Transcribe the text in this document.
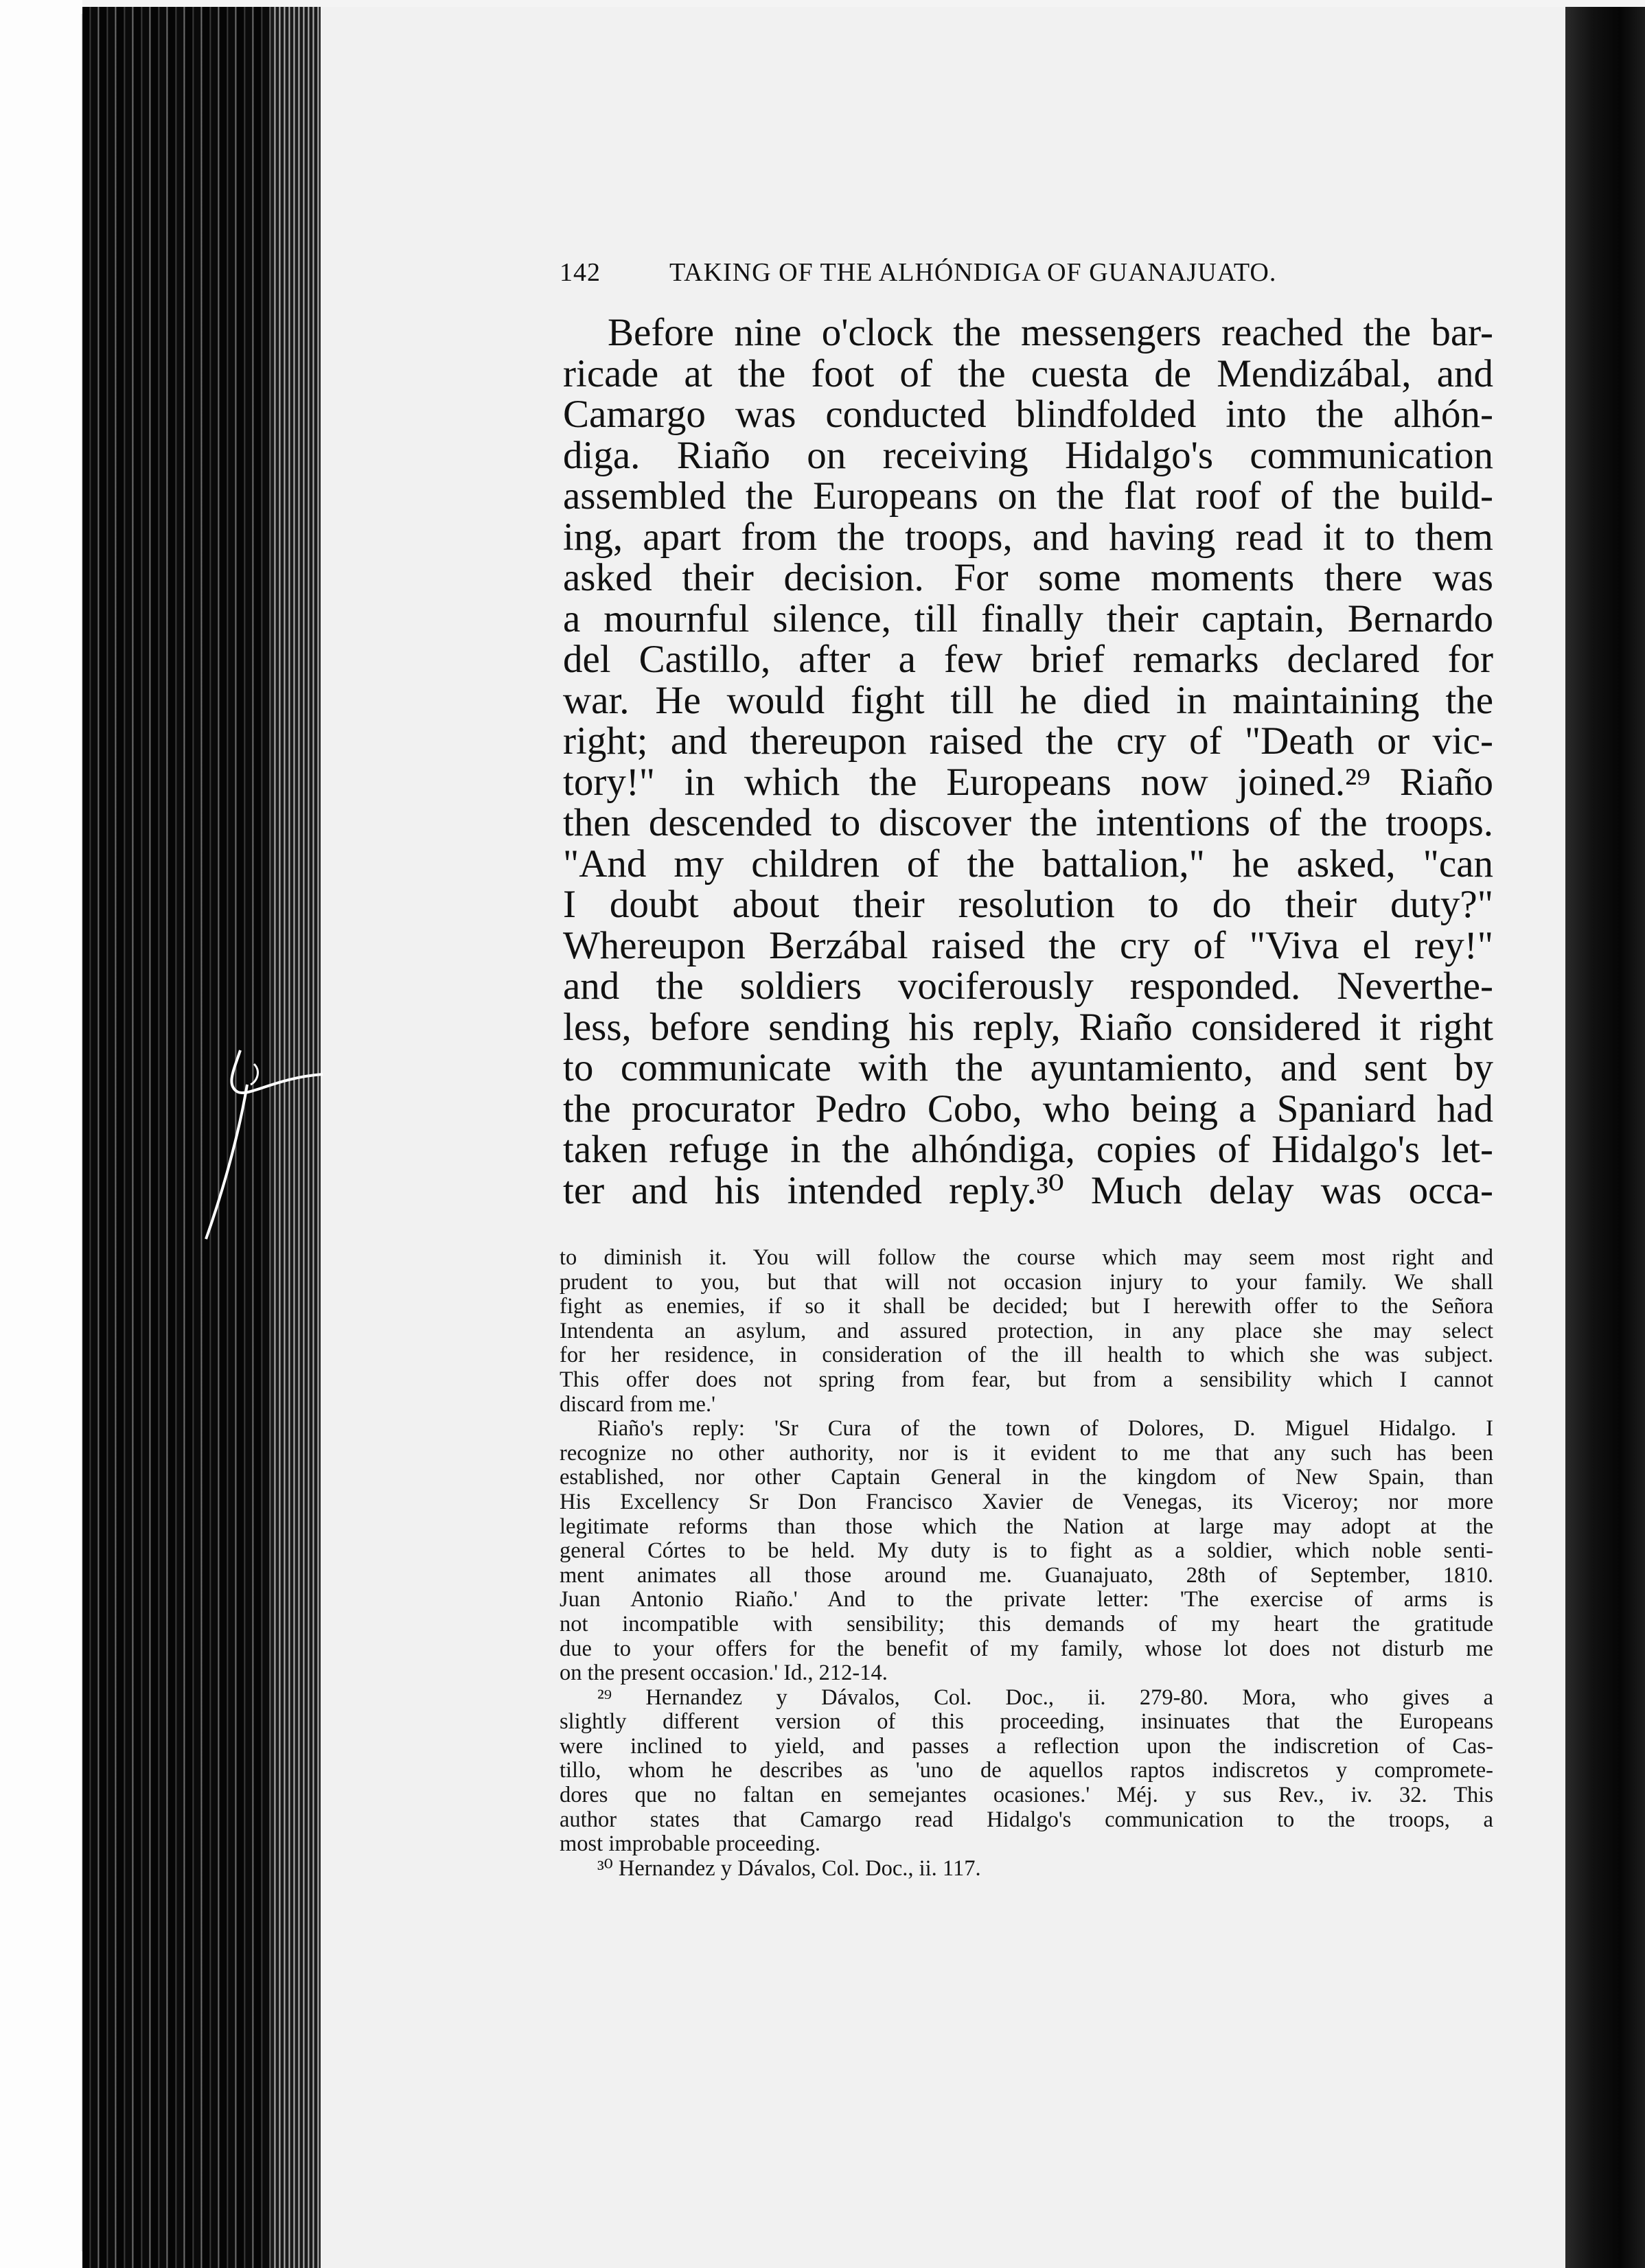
142	TAKING OF THE ALHÓNDIGA OF GUANAJUATO.
Before nine o'clock the messengers reached the bar-
ricade at the foot of the cuesta de Mendizábal, and
Camargo was conducted blindfolded into the alhón-
diga. Riaño on receiving Hidalgo's communication
assembled the Europeans on the flat roof of the build-
ing, apart from the troops, and having read it to them
asked their decision. For some moments there was
a mournful silence, till finally their captain, Bernardo
del Castillo, after a few brief remarks declared for
war. He would fight till he died in maintaining the
right; and thereupon raised the cry of "Death or vic-
tory!" in which the Europeans now joined.²⁹ Riaño
then descended to discover the intentions of the troops.
"And my children of the battalion," he asked, "can
I doubt about their resolution to do their duty?"
Whereupon Berzábal raised the cry of "Viva el rey!"
and the soldiers vociferously responded. Neverthe-
less, before sending his reply, Riaño considered it right
to communicate with the ayuntamiento, and sent by
the procurator Pedro Cobo, who being a Spaniard had
taken refuge in the alhóndiga, copies of Hidalgo's let-
ter and his intended reply.³⁰ Much delay was occa-
to diminish it. You will follow the course which may seem most right and
prudent to you, but that will not occasion injury to your family. We shall
fight as enemies, if so it shall be decided; but I herewith offer to the Señora
Intendenta an asylum, and assured protection, in any place she may select
for her residence, in consideration of the ill health to which she was subject.
This offer does not spring from fear, but from a sensibility which I cannot
discard from me.'
Riaño's reply: 'Sr Cura of the town of Dolores, D. Miguel Hidalgo. I
recognize no other authority, nor is it evident to me that any such has been
established, nor other Captain General in the kingdom of New Spain, than
His Excellency Sr Don Francisco Xavier de Venegas, its Viceroy; nor more
legitimate reforms than those which the Nation at large may adopt at the
general Córtes to be held. My duty is to fight as a soldier, which noble senti-
ment animates all those around me. Guanajuato, 28th of September, 1810.
Juan Antonio Riaño.' And to the private letter: 'The exercise of arms is
not incompatible with sensibility; this demands of my heart the gratitude
due to your offers for the benefit of my family, whose lot does not disturb me
on the present occasion.' Id., 212-14.
²⁹ Hernandez y Dávalos, Col. Doc., ii. 279-80. Mora, who gives a
slightly different version of this proceeding, insinuates that the Europeans
were inclined to yield, and passes a reflection upon the indiscretion of Cas-
tillo, whom he describes as 'uno de aquellos raptos indiscretos y compromete-
dores que no faltan en semejantes ocasiones.' Méj. y sus Rev., iv. 32. This
author states that Camargo read Hidalgo's communication to the troops, a
most improbable proceeding.
³⁰ Hernandez y Dávalos, Col. Doc., ii. 117.
